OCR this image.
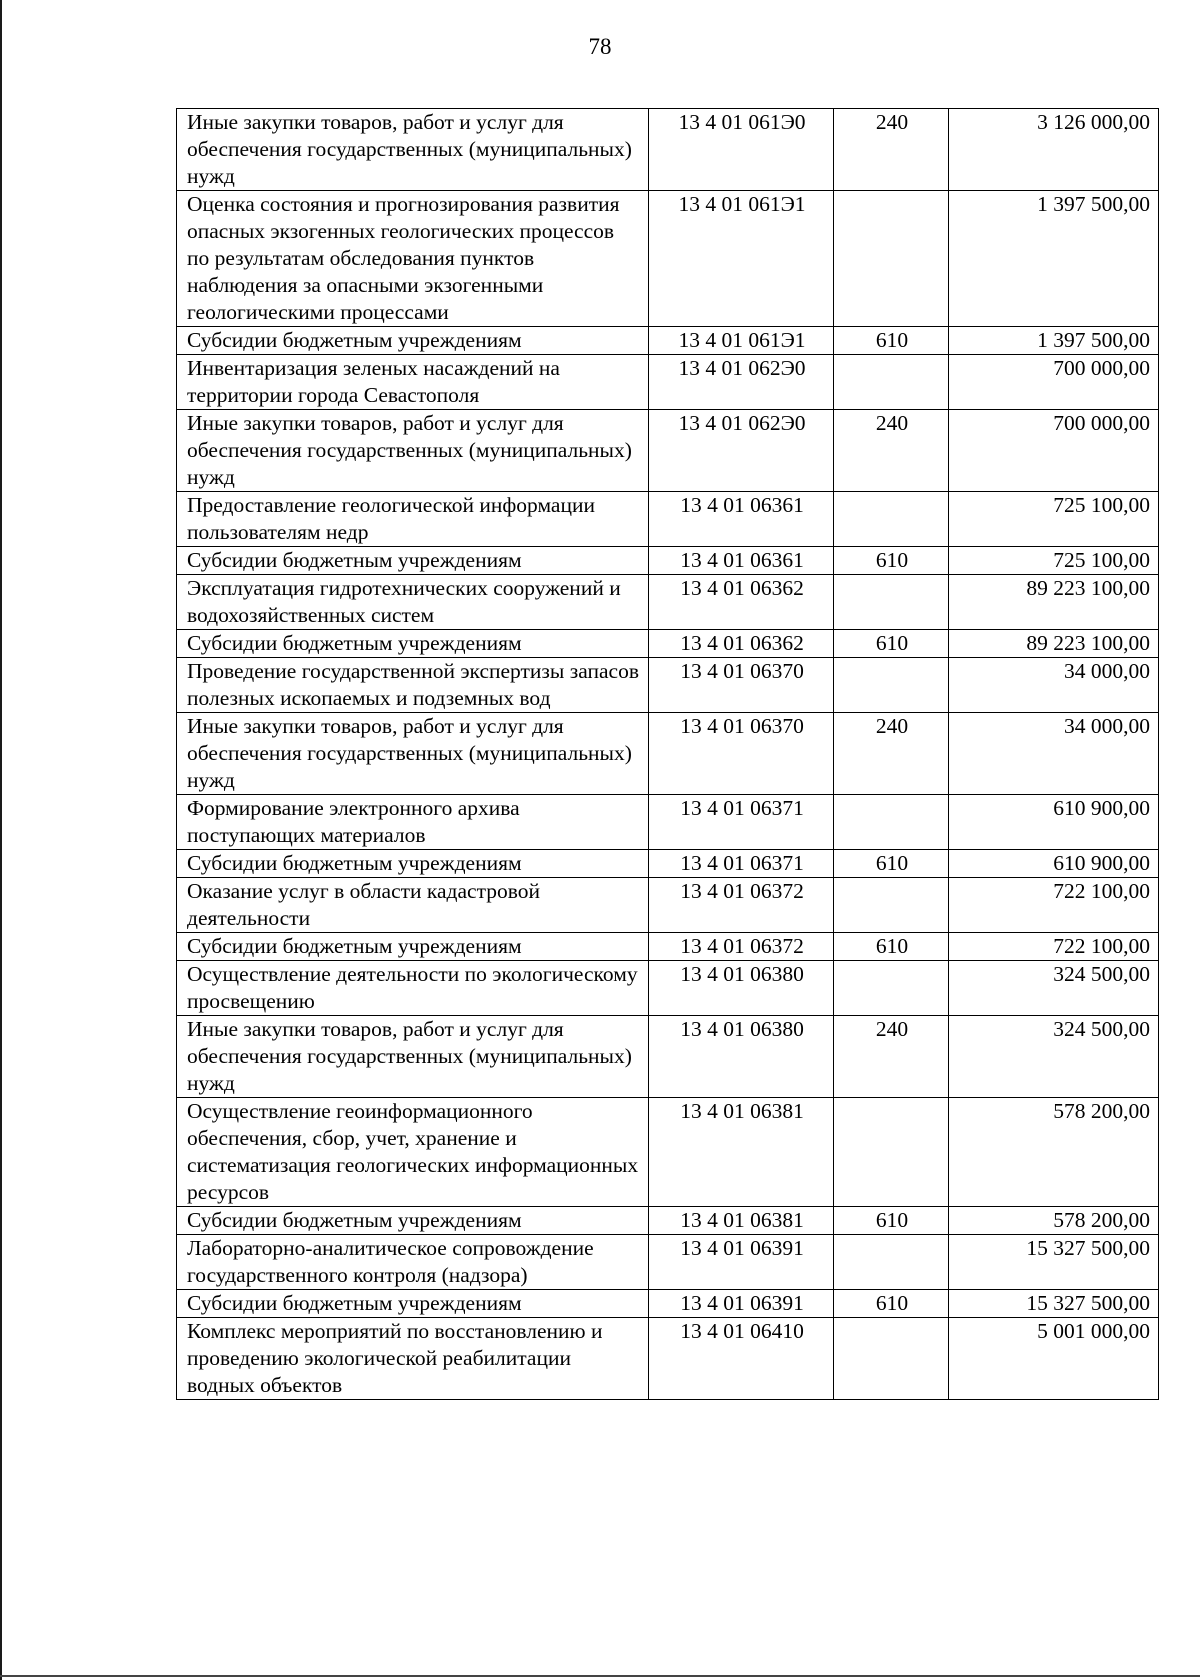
78
Иные закупки товаров, работ и услуг для обеспечения государственных (муниципальных) нужд	13 4 01 061Э0	240	3 126 000,00
Оценка состояния и прогнозирования развития опасных экзогенных геологических процессов по результатам обследования пунктов наблюдения за опасными экзогенными геологическими процессами	13 4 01 061Э1		1 397 500,00
Субсидии бюджетным учреждениям	13 4 01 061Э1	610	1 397 500,00
Инвентаризация зеленых насаждений на территории города Севастополя	13 4 01 062Э0		700 000,00
Иные закупки товаров, работ и услуг для обеспечения государственных (муниципальных) нужд	13 4 01 062Э0	240	700 000,00
Предоставление геологической информации пользователям недр	13 4 01 06361		725 100,00
Субсидии бюджетным учреждениям	13 4 01 06361	610	725 100,00
Эксплуатация гидротехнических сооружений и водохозяйственных систем	13 4 01 06362		89 223 100,00
Субсидии бюджетным учреждениям	13 4 01 06362	610	89 223 100,00
Проведение государственной экспертизы запасов полезных ископаемых и подземных вод	13 4 01 06370		34 000,00
Иные закупки товаров, работ и услуг для обеспечения государственных (муниципальных) нужд	13 4 01 06370	240	34 000,00
Формирование электронного архива поступающих материалов	13 4 01 06371		610 900,00
Субсидии бюджетным учреждениям	13 4 01 06371	610	610 900,00
Оказание услуг в области кадастровой деятельности	13 4 01 06372		722 100,00
Субсидии бюджетным учреждениям	13 4 01 06372	610	722 100,00
Осуществление деятельности по экологическому просвещению	13 4 01 06380		324 500,00
Иные закупки товаров, работ и услуг для обеспечения государственных (муниципальных) нужд	13 4 01 06380	240	324 500,00
Осуществление геоинформационного обеспечения, сбор, учет, хранение и систематизация геологических информационных ресурсов	13 4 01 06381		578 200,00
Субсидии бюджетным учреждениям	13 4 01 06381	610	578 200,00
Лабораторно-аналитическое сопровождение государственного контроля (надзора)	13 4 01 06391		15 327 500,00
Субсидии бюджетным учреждениям	13 4 01 06391	610	15 327 500,00
Комплекс мероприятий по восстановлению и проведению экологической реабилитации водных объектов	13 4 01 06410		5 001 000,00
